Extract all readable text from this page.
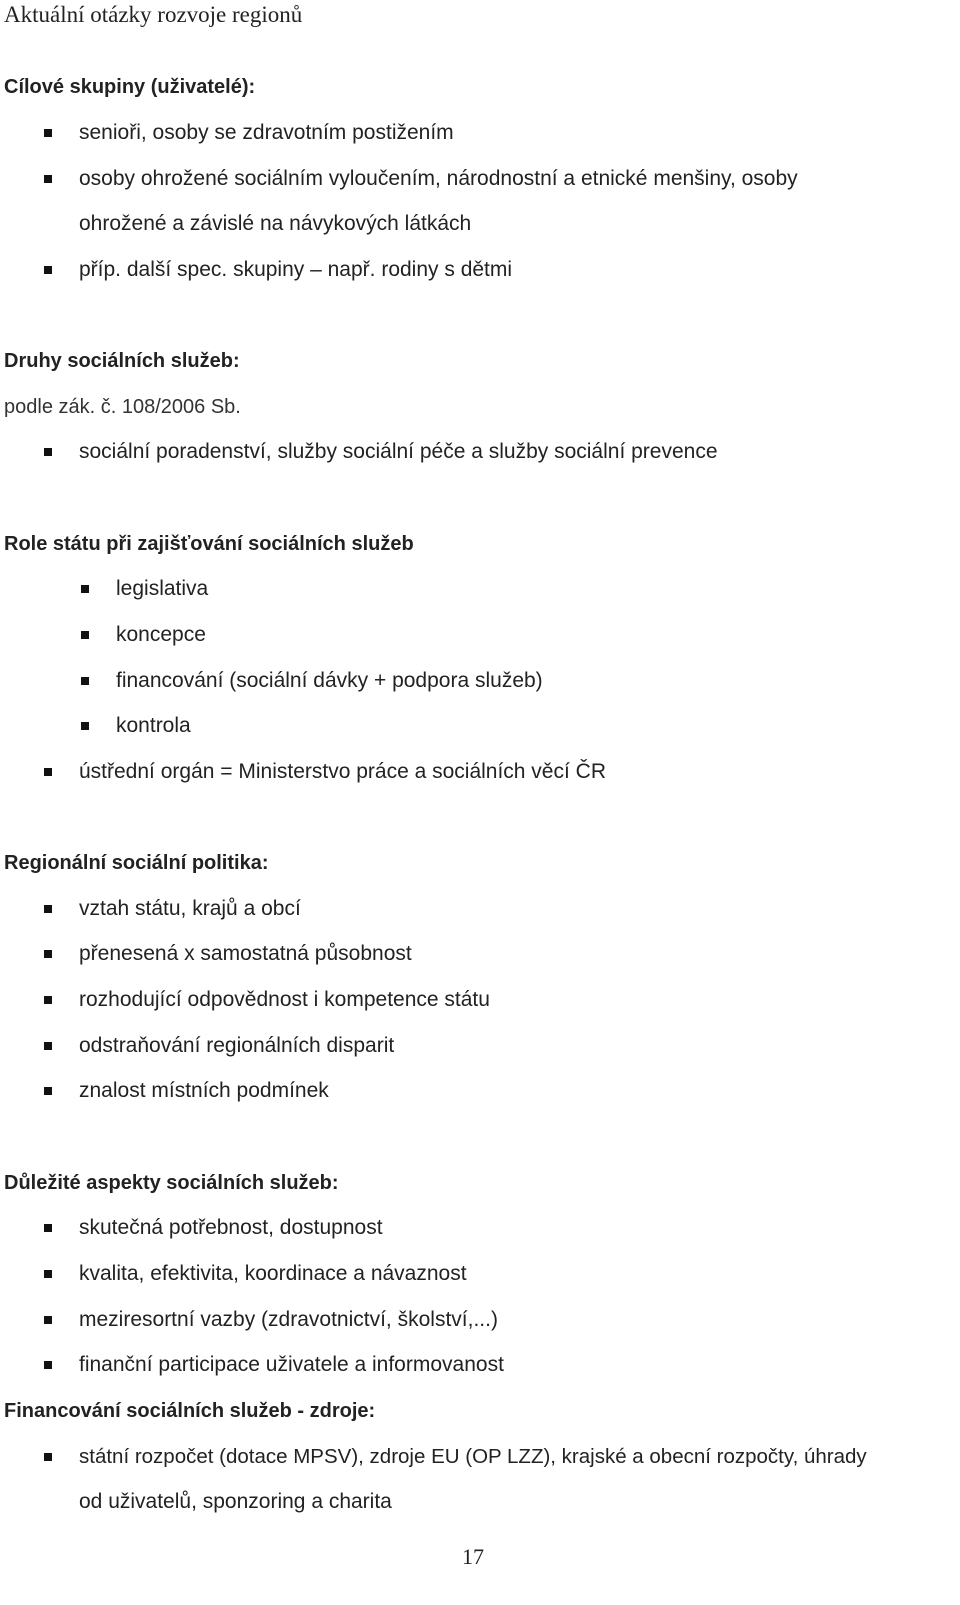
Aktuální otázky rozvoje regionů
Cílové skupiny (uživatelé):
senioři, osoby se zdravotním postižením
osoby ohrožené sociálním vyloučením, národnostní a etnické menšiny, osoby
ohrožené a závislé na návykových látkách
příp. další spec. skupiny – např. rodiny s dětmi
Druhy sociálních služeb:
podle zák. č. 108/2006 Sb.
sociální poradenství, služby sociální péče a služby sociální prevence
Role státu při zajišťování sociálních služeb
legislativa
koncepce
financování (sociální dávky + podpora služeb)
kontrola
ústřední orgán = Ministerstvo práce a sociálních věcí ČR
Regionální sociální politika:
vztah státu, krajů a obcí
přenesená x samostatná působnost
rozhodující odpovědnost i kompetence státu
odstraňování regionálních disparit
znalost místních podmínek
Důležité aspekty sociálních služeb:
skutečná potřebnost, dostupnost
kvalita, efektivita, koordinace a návaznost
meziresortní vazby (zdravotnictví, školství,...)
finanční participace uživatele a informovanost
Financování sociálních služeb - zdroje:
státní rozpočet (dotace MPSV), zdroje EU (OP LZZ), krajské a obecní rozpočty, úhrady
od uživatelů, sponzoring a charita
17
